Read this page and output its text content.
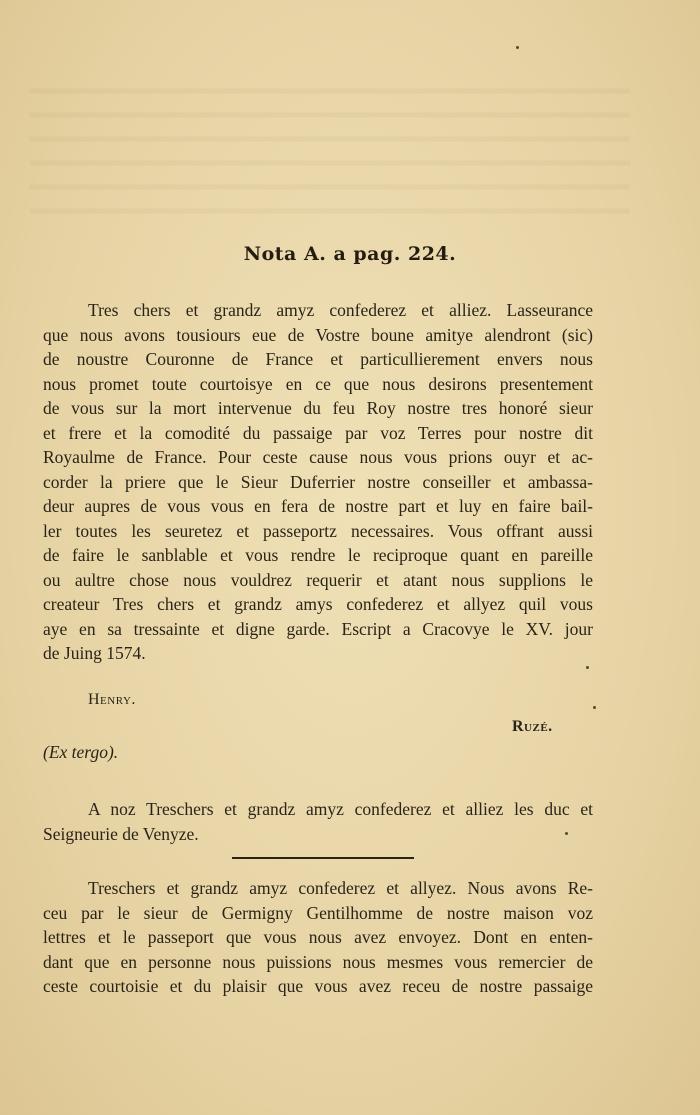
Nota A. a pag. 224.
Tres chers et grandz amyz confederez et alliez. Lasseurance
que nous avons tousiours eue de Vostre boune amitye alendront (sic)
de noustre Couronne de France et particullierement envers nous
nous promet toute courtoisye en ce que nous desirons presentement
de vous sur la mort intervenue du feu Roy nostre tres honoré sieur
et frere et la comodité du passaige par voz Terres pour nostre dit
Royaulme de France. Pour ceste cause nous vous prions ouyr et ac-
corder la priere que le Sieur Duferrier nostre conseiller et ambassa-
deur aupres de vous vous en fera de nostre part et luy en faire bail-
ler toutes les seuretez et passeportz necessaires. Vous offrant aussi
de faire le sanblable et vous rendre le reciproque quant en pareille
ou aultre chose nous vouldrez requerir et atant nous supplions le
createur Tres chers et grandz amys confederez et allyez quil vous
aye en sa tressainte et digne garde. Escript a Cracovye le XV. jour
de Juing 1574.
Henry.
Ruzé.
(Ex tergo).
A noz Treschers et grandz amyz confederez et alliez les duc et
Seigneurie de Venyze.
Treschers et grandz amyz confederez et allyez. Nous avons Re-
ceu par le sieur de Germigny Gentilhomme de nostre maison voz
lettres et le passeport que vous nous avez envoyez. Dont en enten-
dant que en personne nous puissions nous mesmes vous remercier de
ceste courtoisie et du plaisir que vous avez receu de nostre passaige
